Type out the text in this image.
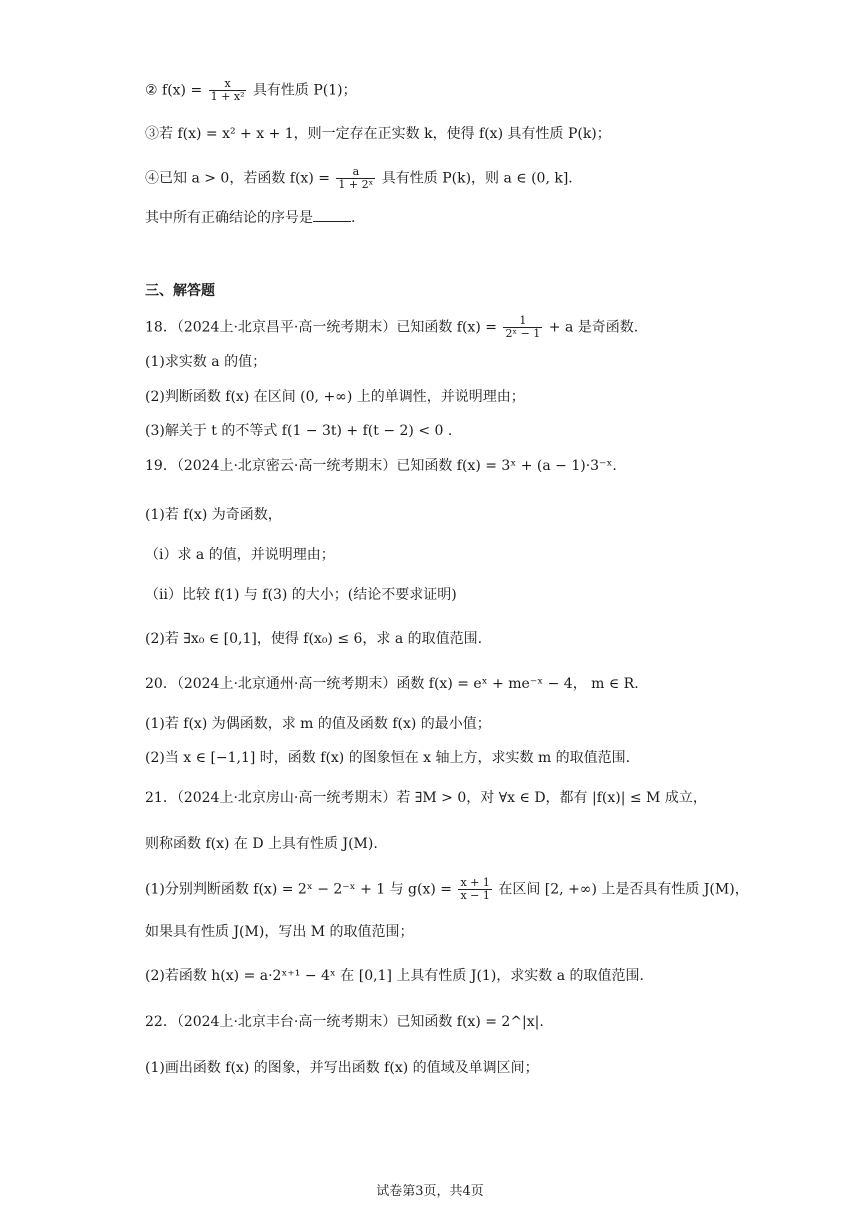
② $f(x) = \frac{x}{\text{1 + x²}}$ 具有性质 P(1)；
③若 f(x) = x² + x + 1，则一定存在正实数 k，使得 f(x) 具有性质 P(k)；
④已知 a > 0，若函数 $f(x) = \frac{a}{\text{1 + 2ˣ}}$ 具有性质 P(k)，则 a ∈ (0, k].
其中所有正确结论的序号是	.
三、解答题
18．（2024上·北京昌平·高一统考期末）已知函数 $f(x) = \frac{1}{\text{2ˣ − 1}} + a$ 是奇函数.
(1)求实数 a 的值；
(2)判断函数 f(x) 在区间 (0, +∞) 上的单调性，并说明理由；
(3)解关于 t 的不等式 f(1 − 3t) + f(t − 2) < 0 .
19．（2024上·北京密云·高一统考期末）已知函数 f(x) = 3ˣ + (a − 1)·3⁻ˣ.
(1)若 f(x) 为奇函数，
（ⅰ）求 a 的值，并说明理由；
（ⅱ）比较 f(1) 与 f(3) 的大小；(结论不要求证明)
(2)若 ∃x₀ ∈ [0,1]，使得 f(x₀) ≤ 6，求 a 的取值范围.
20．（2024上·北京通州·高一统考期末）函数 f(x) = eˣ + me⁻ˣ − 4， m ∈ R.
(1)若 f(x) 为偶函数，求 m 的值及函数 f(x) 的最小值；
(2)当 x ∈ [−1,1] 时，函数 f(x) 的图象恒在 x 轴上方，求实数 m 的取值范围.
21．（2024上·北京房山·高一统考期末）若 ∃M > 0，对 ∀x ∈ D，都有 |f(x)| ≤ M 成立，
则称函数 f(x) 在 D 上具有性质 J(M).
(1)分别判断函数 f(x) = 2ˣ − 2⁻ˣ + 1 与 $g(x) = \frac{x + 1}{x - 1}$ 在区间 [2, +∞) 上是否具有性质 J(M)，
如果具有性质 J(M)，写出 M 的取值范围；
(2)若函数 h(x) = a·2ˣ⁺¹ − 4ˣ 在 [0,1] 上具有性质 J(1)，求实数 a 的取值范围.
22．（2024上·北京丰台·高一统考期末）已知函数 f(x) = 2^|x|.
(1)画出函数 f(x) 的图象，并写出函数 f(x) 的值域及单调区间；
试卷第3页，共4页
